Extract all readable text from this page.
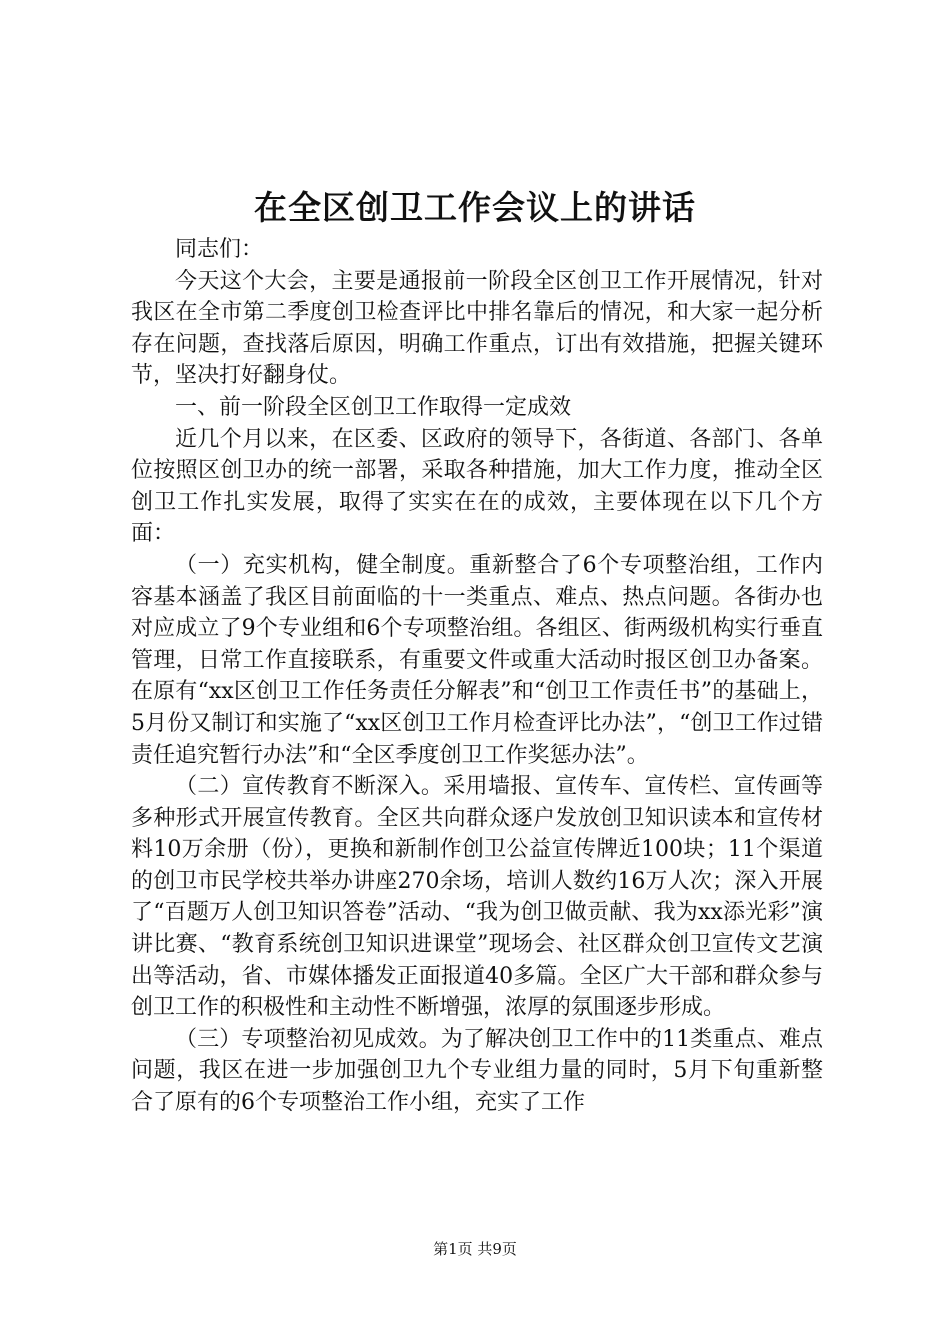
在全区创卫工作会议上的讲话

同志们：

今天这个大会，主要是通报前一阶段全区创卫工作开展情况，针对我区在全市第二季度创卫检查评比中排名靠后的情况，和大家一起分析存在问题，查找落后原因，明确工作重点，订出有效措施，把握关键环节，坚决打好翻身仗。

一、前一阶段全区创卫工作取得一定成效

近几个月以来，在区委、区政府的领导下，各街道、各部门、各单位按照区创卫办的统一部署，采取各种措施，加大工作力度，推动全区创卫工作扎实发展，取得了实实在在的成效，主要体现在以下几个方面：

（一）充实机构，健全制度。重新整合了6个专项整治组，工作内容基本涵盖了我区目前面临的十一类重点、难点、热点问题。各街办也对应成立了9个专业组和6个专项整治组。各组区、街两级机构实行垂直管理，日常工作直接联系，有重要文件或重大活动时报区创卫办备案。在原有“xx区创卫工作任务责任分解表”和“创卫工作责任书”的基础上，5月份又制订和实施了“xx区创卫工作月检查评比办法”，“创卫工作过错责任追究暂行办法”和“全区季度创卫工作奖惩办法”。

（二）宣传教育不断深入。采用墙报、宣传车、宣传栏、宣传画等多种形式开展宣传教育。全区共向群众逐户发放创卫知识读本和宣传材料10万余册（份），更换和新制作创卫公益宣传牌近100块；11个渠道的创卫市民学校共举办讲座270余场，培训人数约16万人次；深入开展了“百题万人创卫知识答卷”活动、“我为创卫做贡献、我为xx添光彩”演讲比赛、“教育系统创卫知识进课堂”现场会、社区群众创卫宣传文艺演出等活动，省、市媒体播发正面报道40多篇。全区广大干部和群众参与创卫工作的积极性和主动性不断增强，浓厚的氛围逐步形成。

（三）专项整治初见成效。为了解决创卫工作中的11类重点、难点问题，我区在进一步加强创卫九个专业组力量的同时，5月下旬重新整合了原有的6个专项整治工作小组，充实了工作

第1页 共9页
